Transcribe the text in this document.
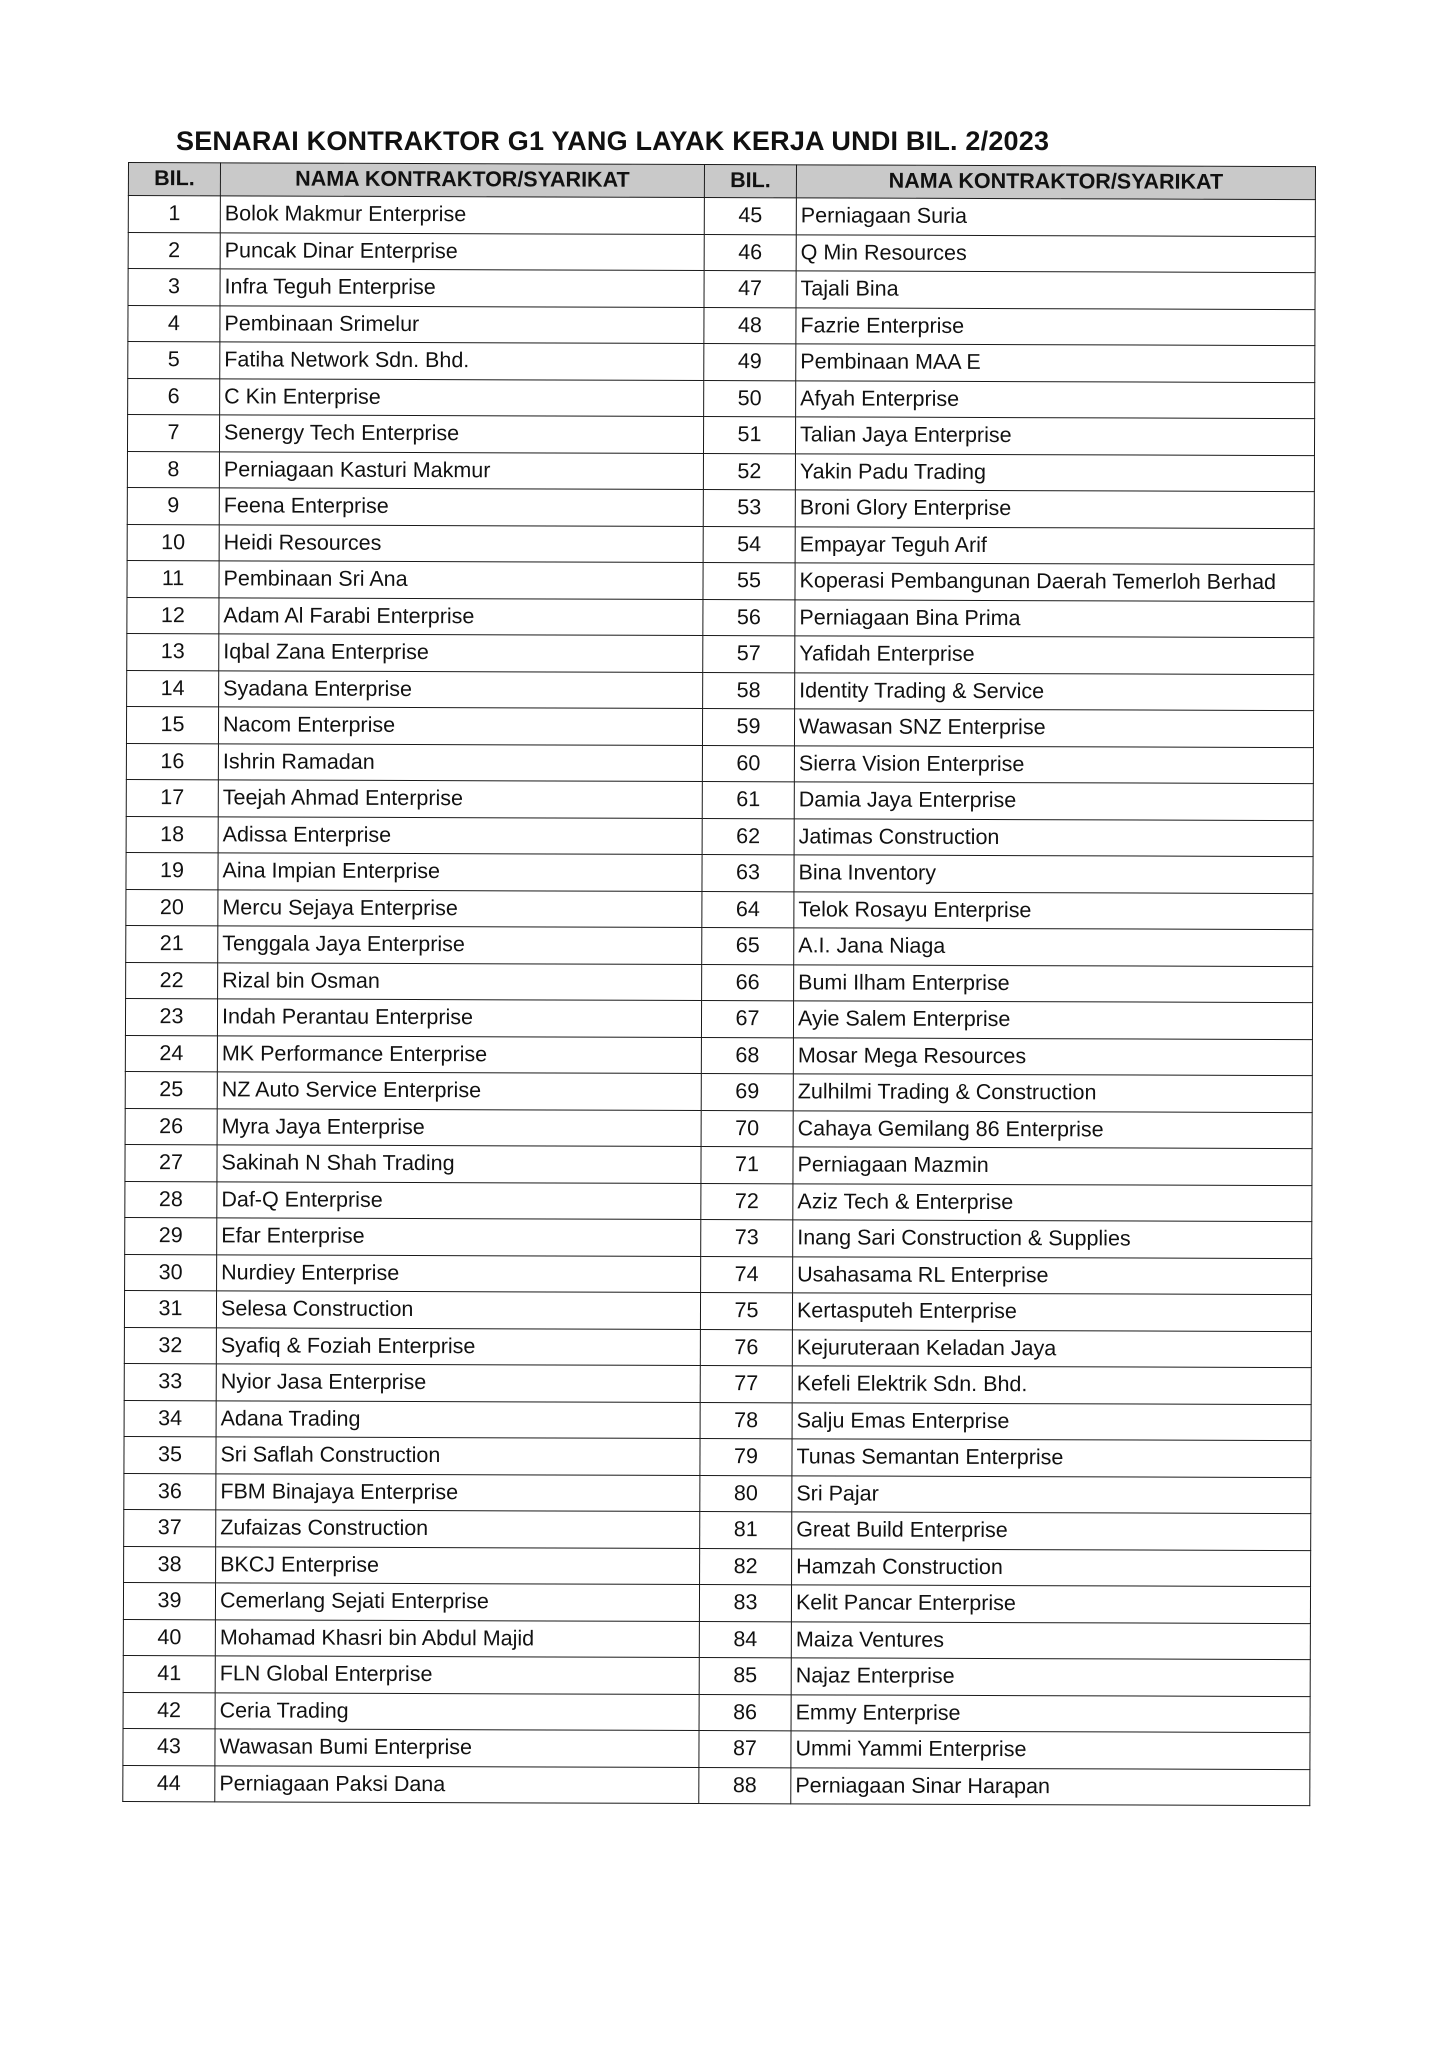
SENARAI KONTRAKTOR G1 YANG LAYAK KERJA UNDI BIL. 2/2023
BIL.	NAMA KONTRAKTOR/SYARIKAT	BIL.	NAMA KONTRAKTOR/SYARIKAT
1	Bolok Makmur Enterprise	45	Perniagaan Suria
2	Puncak Dinar Enterprise	46	Q Min Resources
3	Infra Teguh Enterprise	47	Tajali Bina
4	Pembinaan Srimelur	48	Fazrie Enterprise
5	Fatiha Network Sdn. Bhd.	49	Pembinaan MAA E
6	C Kin Enterprise	50	Afyah Enterprise
7	Senergy Tech Enterprise	51	Talian Jaya Enterprise
8	Perniagaan Kasturi Makmur	52	Yakin Padu Trading
9	Feena Enterprise	53	Broni Glory Enterprise
10	Heidi Resources	54	Empayar Teguh Arif
11	Pembinaan Sri Ana	55	Koperasi Pembangunan Daerah Temerloh Berhad
12	Adam Al Farabi Enterprise	56	Perniagaan Bina Prima
13	Iqbal Zana Enterprise	57	Yafidah Enterprise
14	Syadana Enterprise	58	Identity Trading & Service
15	Nacom Enterprise	59	Wawasan SNZ Enterprise
16	Ishrin Ramadan	60	Sierra Vision Enterprise
17	Teejah Ahmad Enterprise	61	Damia Jaya Enterprise
18	Adissa Enterprise	62	Jatimas Construction
19	Aina Impian Enterprise	63	Bina Inventory
20	Mercu Sejaya Enterprise	64	Telok Rosayu Enterprise
21	Tenggala Jaya Enterprise	65	A.I. Jana Niaga
22	Rizal bin Osman	66	Bumi Ilham Enterprise
23	Indah Perantau Enterprise	67	Ayie Salem Enterprise
24	MK Performance Enterprise	68	Mosar Mega Resources
25	NZ Auto Service Enterprise	69	Zulhilmi Trading & Construction
26	Myra Jaya Enterprise	70	Cahaya Gemilang 86 Enterprise
27	Sakinah N Shah Trading	71	Perniagaan Mazmin
28	Daf-Q Enterprise	72	Aziz Tech & Enterprise
29	Efar Enterprise	73	Inang Sari Construction & Supplies
30	Nurdiey Enterprise	74	Usahasama RL Enterprise
31	Selesa Construction	75	Kertasputeh Enterprise
32	Syafiq & Foziah Enterprise	76	Kejuruteraan Keladan Jaya
33	Nyior Jasa Enterprise	77	Kefeli Elektrik Sdn. Bhd.
34	Adana Trading	78	Salju Emas Enterprise
35	Sri Saflah Construction	79	Tunas Semantan Enterprise
36	FBM Binajaya Enterprise	80	Sri Pajar
37	Zufaizas Construction	81	Great Build Enterprise
38	BKCJ Enterprise	82	Hamzah Construction
39	Cemerlang Sejati Enterprise	83	Kelit Pancar Enterprise
40	Mohamad Khasri bin Abdul Majid	84	Maiza Ventures
41	FLN Global Enterprise	85	Najaz Enterprise
42	Ceria Trading	86	Emmy Enterprise
43	Wawasan Bumi Enterprise	87	Ummi Yammi Enterprise
44	Perniagaan Paksi Dana	88	Perniagaan Sinar Harapan
